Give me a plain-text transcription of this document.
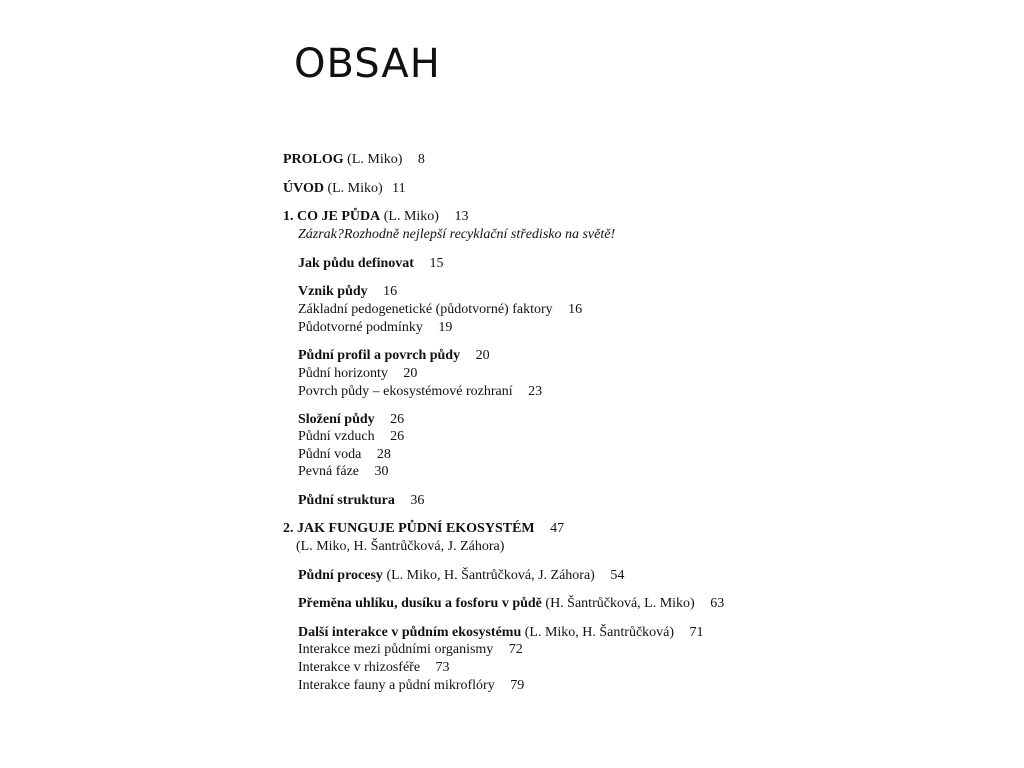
OBSAH
PROLOG (L. Miko) 8
ÚVOD (L. Miko) 11
1. CO JE PŮDA (L. Miko) 13
Zázrak?Rozhodně nejlepší recyklační středisko na světě!
Jak půdu definovat 15
Vznik půdy 16
Základní pedogenetické (půdotvorné) faktory 16
Půdotvorné podmínky 19
Půdní profil a povrch půdy 20
Půdní horizonty 20
Povrch půdy – ekosystémové rozhraní 23
Složení půdy 26
Půdní vzduch 26
Půdní voda 28
Pevná fáze 30
Půdní struktura 36
2. JAK FUNGUJE PŮDNÍ EKOSYSTÉM 47
(L. Miko, H. Šantrůčková, J. Záhora)
Půdní procesy (L. Miko, H. Šantrůčková, J. Záhora) 54
Přeměna uhlíku, dusíku a fosforu v půdě (H. Šantrůčková, L. Miko) 63
Další interakce v půdním ekosystému (L. Miko, H. Šantrůčková) 71
Interakce mezi půdními organismy 72
Interakce v rhizosféře 73
Interakce fauny a půdní mikroflóry 79
